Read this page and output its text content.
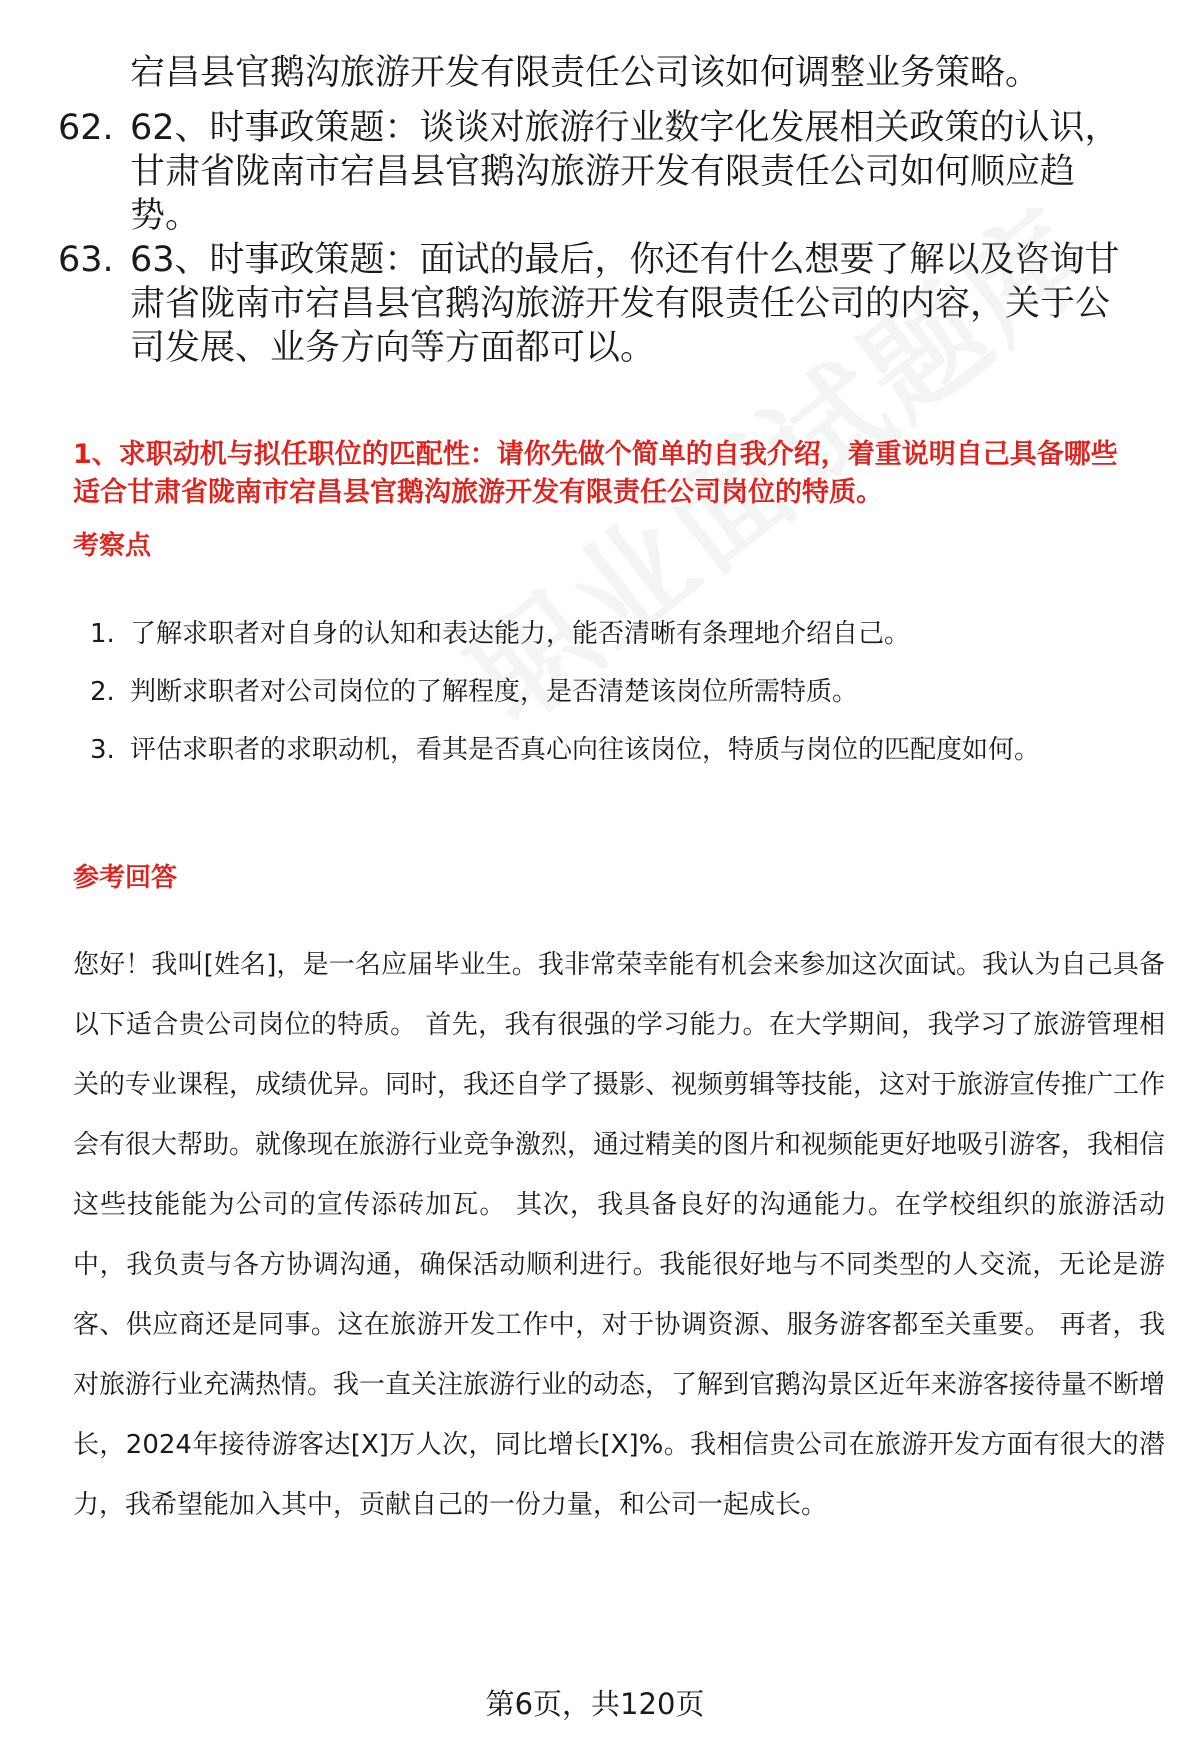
宕昌县官鹅沟旅游开发有限责任公司该如何调整业务策略。
62. 62、时事政策题：谈谈对旅游行业数字化发展相关政策的认识，甘肃省陇南市宕昌县官鹅沟旅游开发有限责任公司如何顺应趋势。
63. 63、时事政策题：面试的最后，你还有什么想要了解以及咨询甘肃省陇南市宕昌县官鹅沟旅游开发有限责任公司的内容，关于公司发展、业务方向等方面都可以。
1、求职动机与拟任职位的匹配性：请你先做个简单的自我介绍，着重说明自己具备哪些适合甘肃省陇南市宕昌县官鹅沟旅游开发有限责任公司岗位的特质。
考察点
1. 了解求职者对自身的认知和表达能力，能否清晰有条理地介绍自己。
2. 判断求职者对公司岗位的了解程度，是否清楚该岗位所需特质。
3. 评估求职者的求职动机，看其是否真心向往该岗位，特质与岗位的匹配度如何。
参考回答
您好！我叫[姓名]，是一名应届毕业生。我非常荣幸能有机会来参加这次面试。我认为自己具备以下适合贵公司岗位的特质。 首先，我有很强的学习能力。在大学期间，我学习了旅游管理相关的专业课程，成绩优异。同时，我还自学了摄影、视频剪辑等技能，这对于旅游宣传推广工作会有很大帮助。就像现在旅游行业竞争激烈，通过精美的图片和视频能更好地吸引游客，我相信这些技能能为公司的宣传添砖加瓦。 其次，我具备良好的沟通能力。在学校组织的旅游活动中，我负责与各方协调沟通，确保活动顺利进行。我能很好地与不同类型的人交流，无论是游客、供应商还是同事。这在旅游开发工作中，对于协调资源、服务游客都至关重要。 再者，我对旅游行业充满热情。我一直关注旅游行业的动态，了解到官鹅沟景区近年来游客接待量不断增长，2024年接待游客达[X]万人次，同比增长[X]%。我相信贵公司在旅游开发方面有很大的潜力，我希望能加入其中，贡献自己的一份力量，和公司一起成长。
第6页，共120页
